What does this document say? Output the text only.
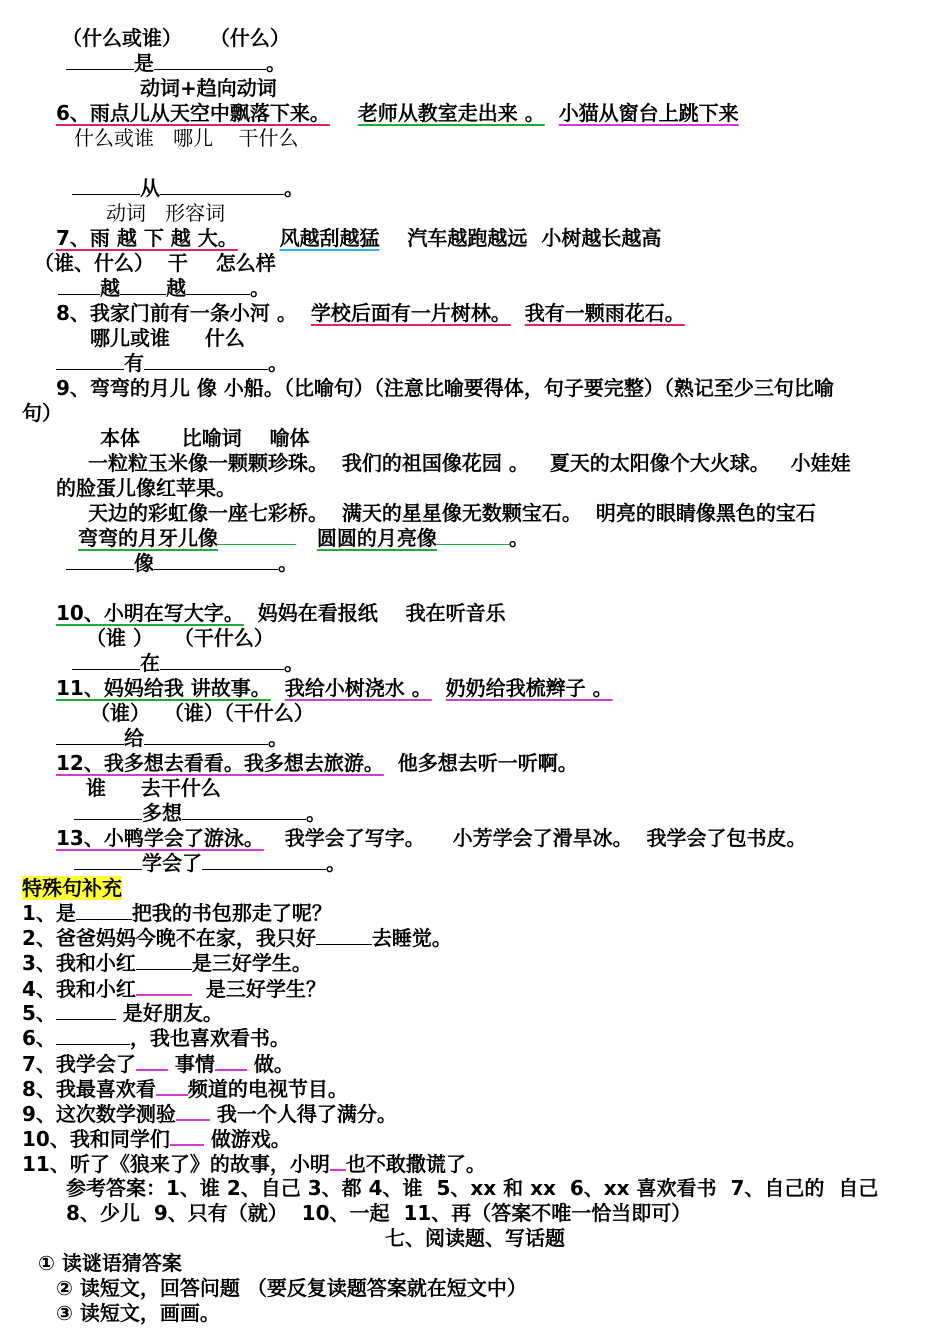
（什么或谁）    （什么）
是	。
动词+趋向动词
6、雨点儿从天空中飘落下来。 老师从教室走出来 。 小猫从窗台上跳下来
什么或谁   哪儿    干什么
从	。
动词   形容词
7、雨 越 下 越 大。 风越刮越猛 汽车越跑越远  小树越长越高
（谁、什么）  干    怎么样
越 越	。
8、我家门前有一条小河 。 学校后面有一片树林。 我有一颗雨花石。
哪儿或谁     什么
有	。
9、弯弯的月儿 像 小船。（比喻句）（注意比喻要得体，句子要完整）（熟记至少三句比喻
句）
本体      比喻词    喻体
一粒粒玉米像一颗颗珍珠。  我们的祖国像花园 。   夏天的太阳像个大火球。   小娃娃
的脸蛋儿像红苹果。
天边的彩虹像一座七彩桥。  满天的星星像无数颗宝石。  明亮的眼睛像黑色的宝石
弯弯的月牙儿像	圆圆的月亮像	。
像	。
10、小明在写大字。 妈妈在看报纸    我在听音乐
（谁 ）   （干什么）
在	。
11、妈妈给我 讲故事。 我给小树浇水 。 奶奶给我梳辫子 。
（谁）  （谁）（干什么）
给	。
12、我多想去看看。我多想去旅游。 他多想去听一听啊。
谁     去干什么
多想	。
13、小鸭学会了游泳。 我学会了写字。    小芳学会了滑旱冰。  我学会了包书皮。
学会了	。
特殊句补充
1、是	把我的书包那走了呢？
2、爸爸妈妈今晚不在家，我只好	去睡觉。
3、我和小红	是三好学生。
4、我和小红	是三好学生？
5、	是好朋友。
6、	，我也喜欢看书。
7、我学会了 事情 做。
8、我最喜欢看 频道的电视节目。
9、这次数学测验 我一个人得了满分。
10、我和同学们 做游戏。
11、听了《狼来了》的故事，小明 也不敢撒谎了。
参考答案：1、谁 2、自己 3、都 4、谁  5、xx 和 xx  6、xx 喜欢看书  7、自己的  自己
8、少儿  9、只有（就）  10、一起  11、再（答案不唯一恰当即可）
七、阅读题、写话题
① 读谜语猜答案
② 读短文，回答问题 （要反复读题答案就在短文中）
③ 读短文，画画。
